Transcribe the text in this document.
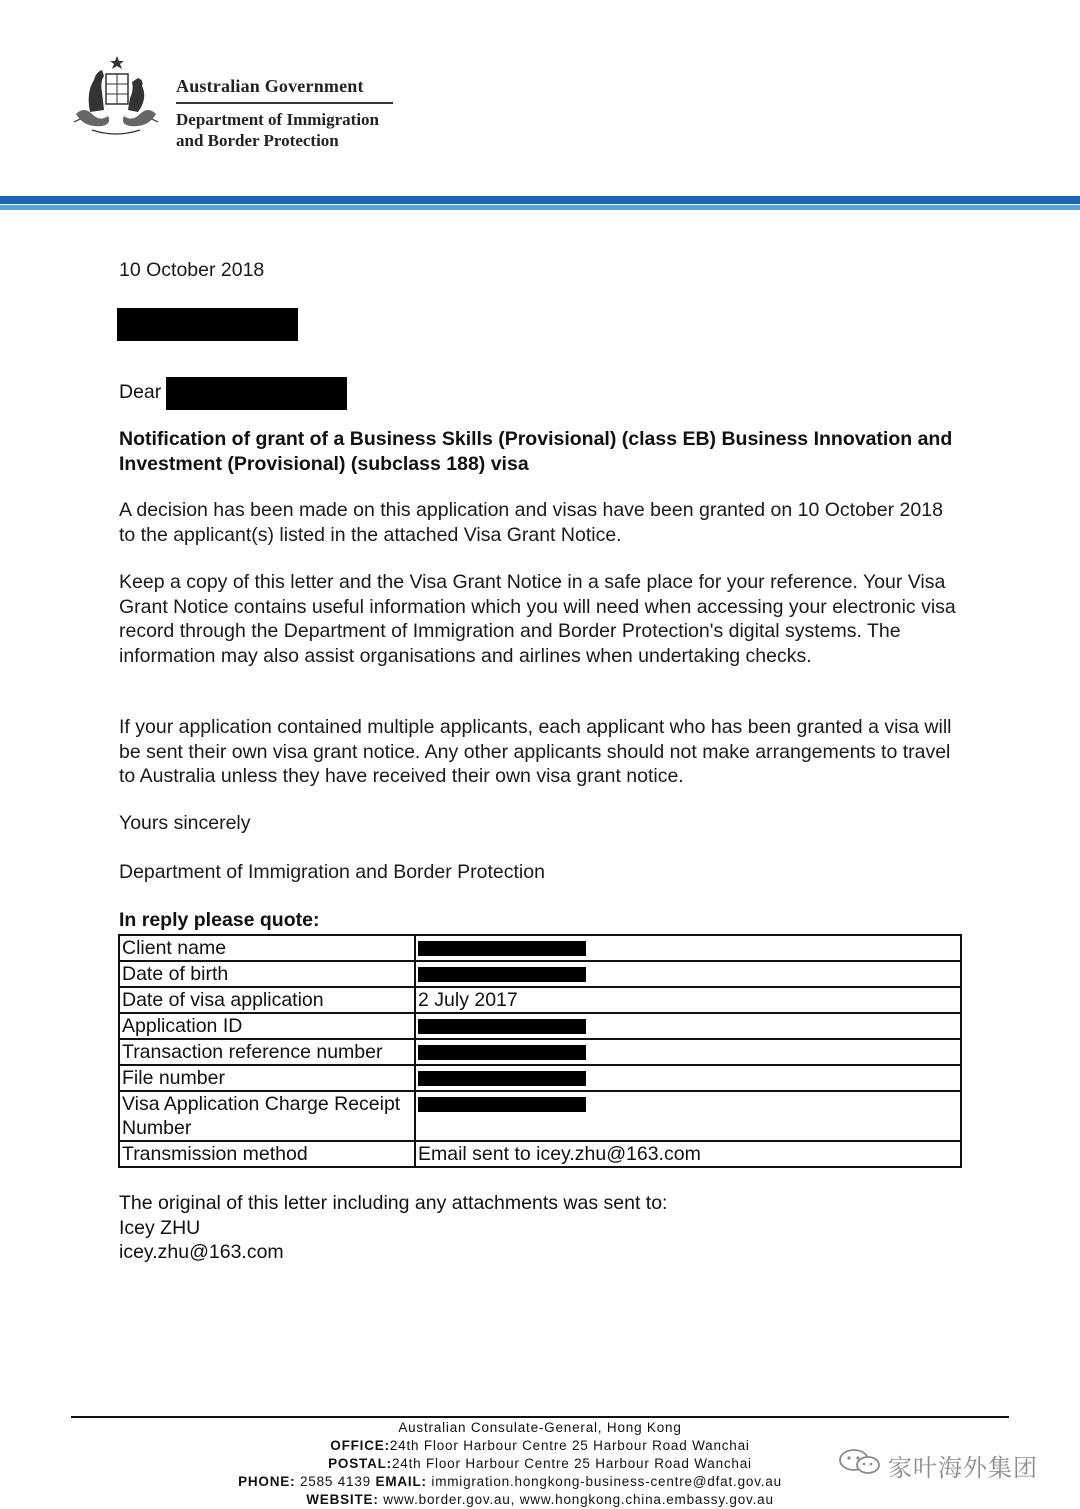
Australian Government
Department of Immigration
and Border Protection
10 October 2018
Dear
Notification of grant of a Business Skills (Provisional) (class EB) Business Innovation and Investment (Provisional) (subclass 188) visa
A decision has been made on this application and visas have been granted on 10 October 2018 to the applicant(s) listed in the attached Visa Grant Notice.
Keep a copy of this letter and the Visa Grant Notice in a safe place for your reference. Your Visa Grant Notice contains useful information which you will need when accessing your electronic visa record through the Department of Immigration and Border Protection's digital systems. The information may also assist organisations and airlines when undertaking checks.
If your application contained multiple applicants, each applicant who has been granted a visa will be sent their own visa grant notice. Any other applicants should not make arrangements to travel to Australia unless they have received their own visa grant notice.
Yours sincerely
Department of Immigration and Border Protection
In reply please quote:
Client name	
Date of birth	
Date of visa application	2 July 2017
Application ID	
Transaction reference number	
File number	
Visa Application Charge Receipt Number	
Transmission method	Email sent to icey.zhu@163.com
The original of this letter including any attachments was sent to:
Icey ZHU
icey.zhu@163.com
Australian Consulate-General, Hong Kong
OFFICE:24th Floor Harbour Centre 25 Harbour Road Wanchai
POSTAL:24th Floor Harbour Centre 25 Harbour Road Wanchai
PHONE: 2585 4139 EMAIL: immigration.hongkong-business-centre@dfat.gov.au
WEBSITE: www.border.gov.au, www.hongkong.china.embassy.gov.au
家叶海外集团
